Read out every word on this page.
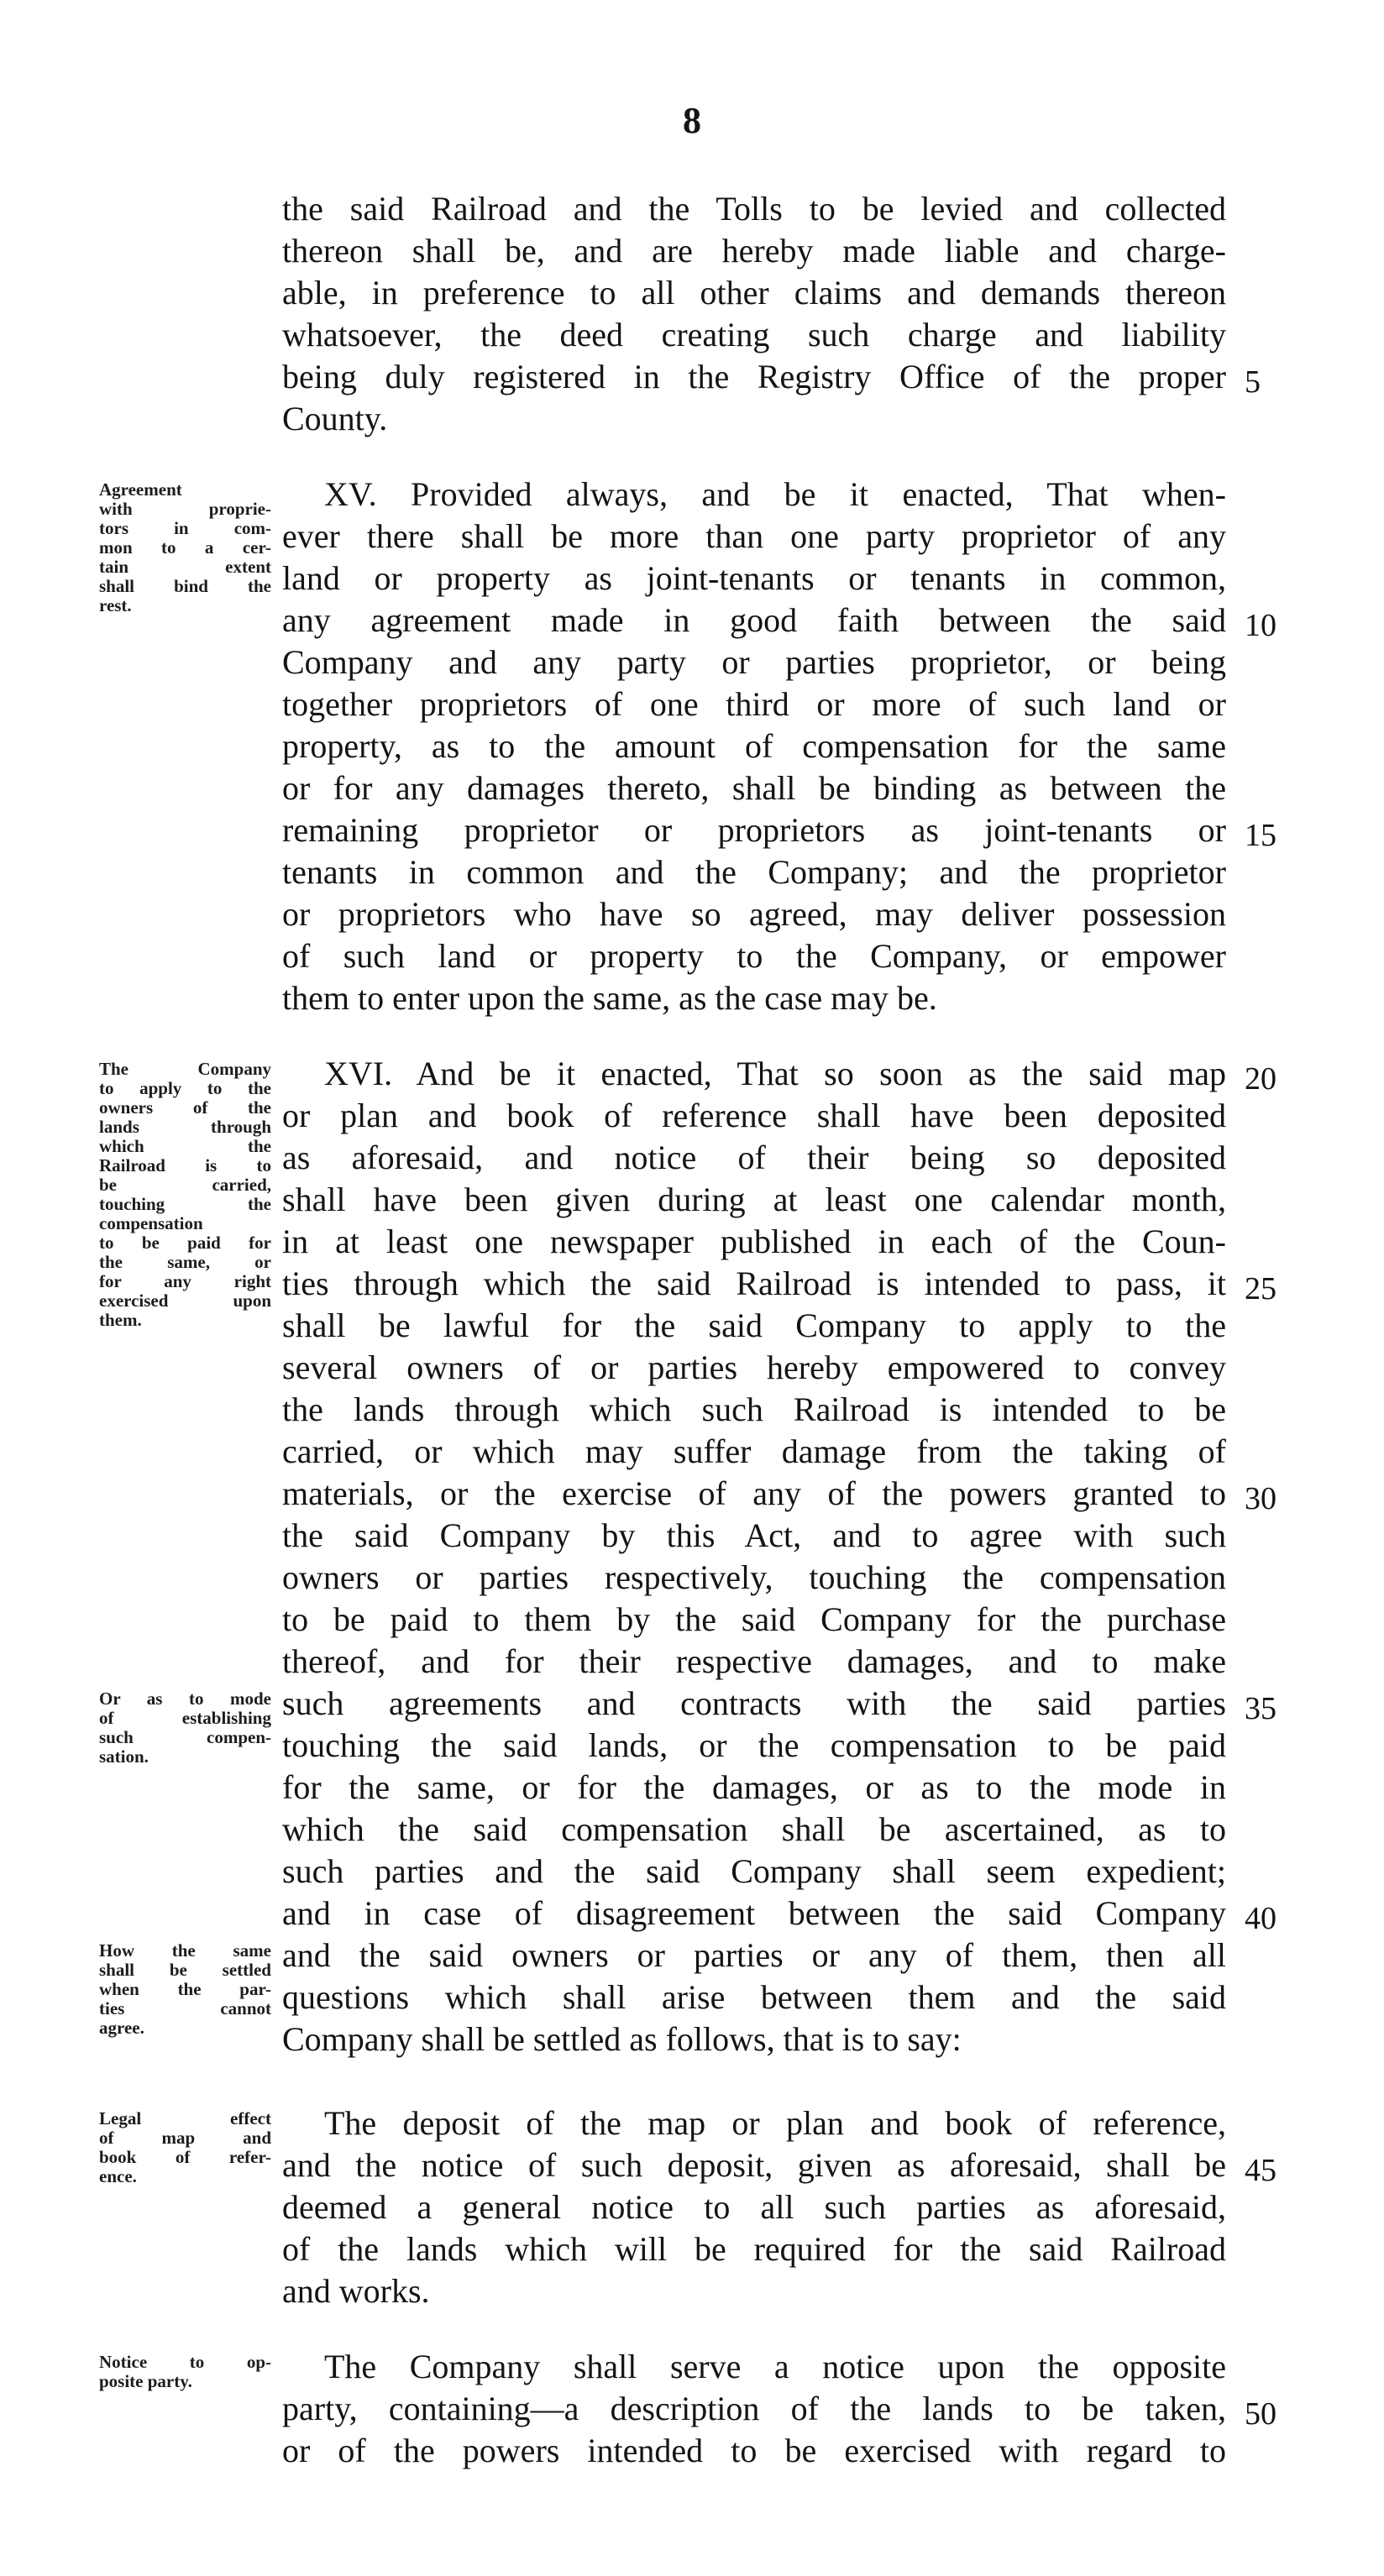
8
the said Railroad and the Tolls to be levied and collected
thereon shall be, and are hereby made liable and charge-
able, in preference to all other claims and demands thereon
whatsoever, the deed creating such charge and liability
being duly registered in the Registry Office of the proper 5
County.
XV. Provided always, and be it enacted, That when-
ever there shall be more than one party proprietor of any
land or property as joint-tenants or tenants in common,
any agreement made in good faith between the said 10
Company and any party or parties proprietor, or being
together proprietors of one third or more of such land or
property, as to the amount of compensation for the same
or for any damages thereto, shall be binding as between the
remaining proprietor or proprietors as joint-tenants or 15
tenants in common and the Company; and the proprietor
or proprietors who have so agreed, may deliver possession
of such land or property to the Company, or empower
them to enter upon the same, as the case may be.
Agreement
with proprie-
tors in com-
mon to a cer-
tain extent
shall bind the
rest.
XVI. And be it enacted, That so soon as the said map 20
or plan and book of reference shall have been deposited
as aforesaid, and notice of their being so deposited
shall have been given during at least one calendar month,
in at least one newspaper published in each of the Coun-
ties through which the said Railroad is intended to pass, it 25
shall be lawful for the said Company to apply to the
several owners of or parties hereby empowered to convey
the lands through which such Railroad is intended to be
carried, or which may suffer damage from the taking of
materials, or the exercise of any of the powers granted to 30
the said Company by this Act, and to agree with such
owners or parties respectively, touching the compensation
to be paid to them by the said Company for the purchase
thereof, and for their respective damages, and to make
such agreements and contracts with the said parties 35
touching the said lands, or the compensation to be paid
for the same, or for the damages, or as to the mode in
which the said compensation shall be ascertained, as to
such parties and the said Company shall seem expedient;
and in case of disagreement between the said Company 40
and the said owners or parties or any of them, then all
questions which shall arise between them and the said
Company shall be settled as follows, that is to say:
The Company
to apply to the
owners of the
lands through
which the
Railroad is to
be carried,
touching the
compensation
to be paid for
the same, or
for any right
exercised upon
them.
Or as to mode
of establishing
such compen-
sation.
How the same
shall be settled
when the par-
ties cannot
agree.
The deposit of the map or plan and book of reference,
and the notice of such deposit, given as aforesaid, shall be 45
deemed a general notice to all such parties as aforesaid,
of the lands which will be required for the said Railroad
and works.
Legal effect
of map and
book of refer-
ence.
The Company shall serve a notice upon the opposite
party, containing—a description of the lands to be taken, 50
or of the powers intended to be exercised with regard to
Notice to op-
posite party.
